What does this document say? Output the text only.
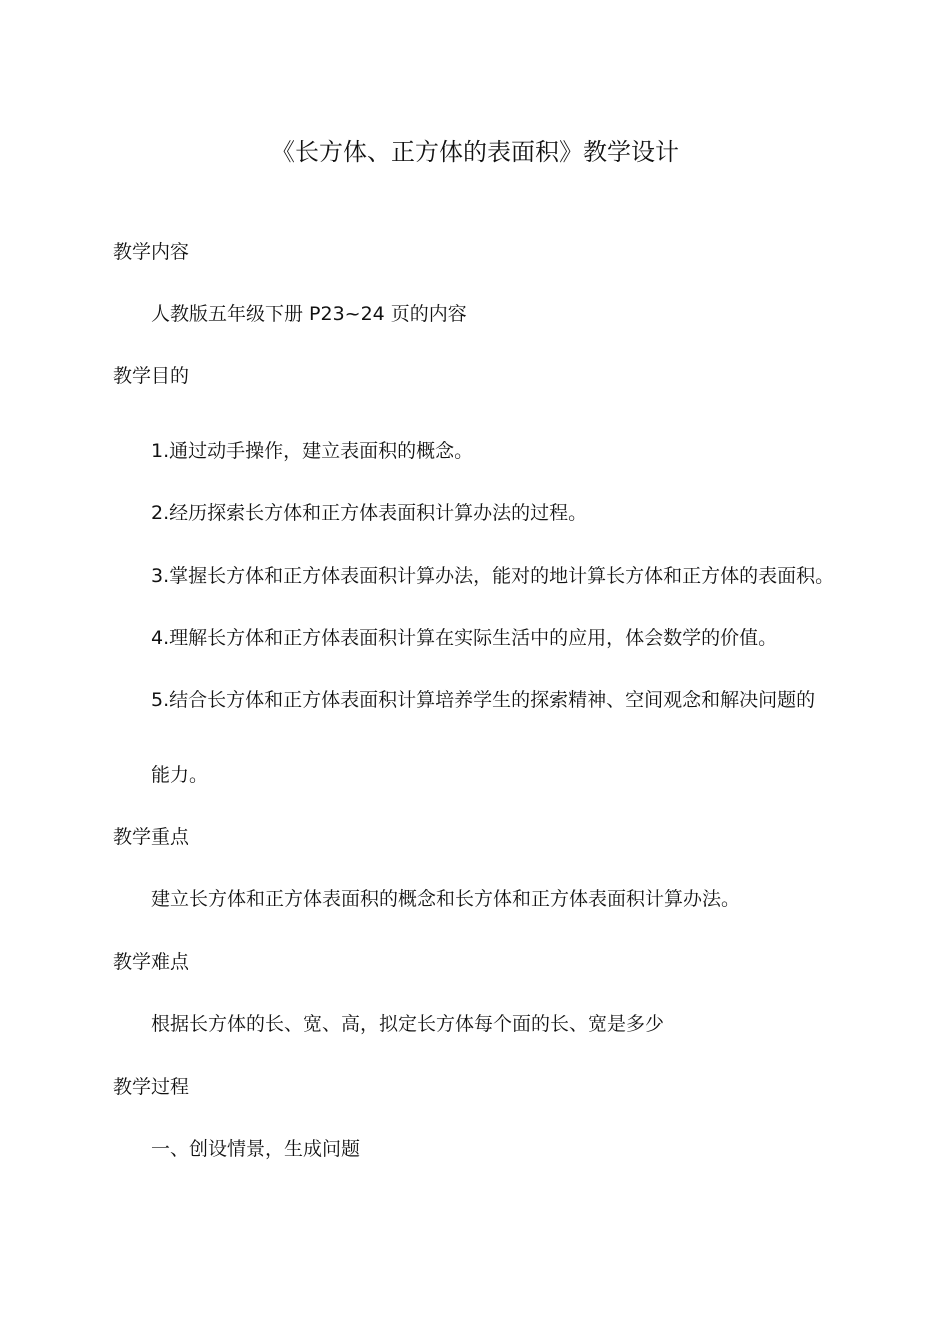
《长方体、正方体的表面积》教学设计
教学内容
人教版五年级下册 P23~24 页的内容
教学目的
1.通过动手操作，建立表面积的概念。
2.经历探索长方体和正方体表面积计算办法的过程。
3.掌握长方体和正方体表面积计算办法，能对的地计算长方体和正方体的表面积。
4.理解长方体和正方体表面积计算在实际生活中的应用，体会数学的价值。
5.结合长方体和正方体表面积计算培养学生的探索精神、空间观念和解决问题的
能力。
教学重点
建立长方体和正方体表面积的概念和长方体和正方体表面积计算办法。
教学难点
根据长方体的长、宽、高，拟定长方体每个面的长、宽是多少
教学过程
一、创设情景，生成问题
